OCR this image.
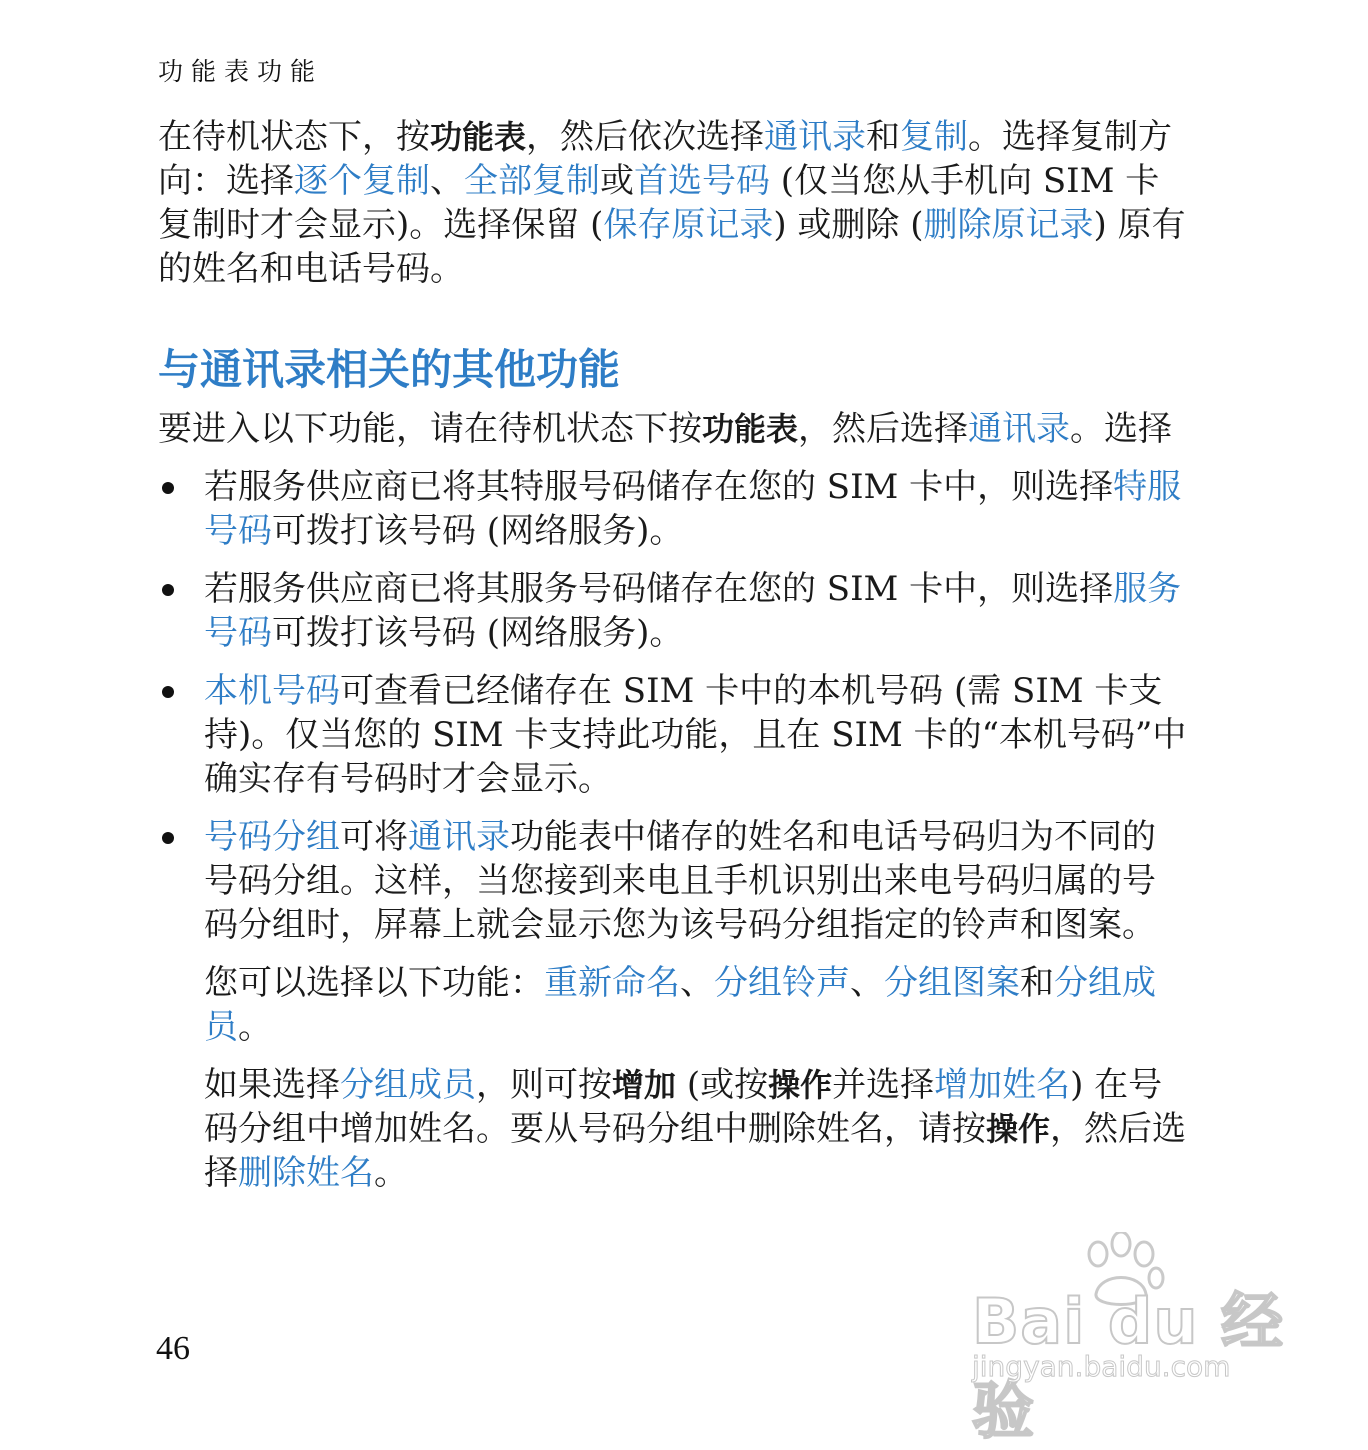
功能表功能

在待机状态下，按功能表，然后依次选择通讯录和复制。选择复制方向：选择逐个复制、全部复制或首选号码 (仅当您从手机向 SIM 卡复制时才会显示)。选择保留 (保存原记录) 或删除 (删除原记录) 原有的姓名和电话号码。

与通讯录相关的其他功能

要进入以下功能，请在待机状态下按功能表，然后选择通讯录。选择

若服务供应商已将其特服号码储存在您的 SIM 卡中，则选择特服号码可拨打该号码 (网络服务)。

若服务供应商已将其服务号码储存在您的 SIM 卡中，则选择服务号码可拨打该号码 (网络服务)。

本机号码可查看已经储存在 SIM 卡中的本机号码 (需 SIM 卡支持)。仅当您的 SIM 卡支持此功能，且在 SIM 卡的“本机号码”中确实存有号码时才会显示。

号码分组可将通讯录功能表中储存的姓名和电话号码归为不同的号码分组。这样，当您接到来电且手机识别出来电号码归属的号码分组时，屏幕上就会显示您为该号码分组指定的铃声和图案。

您可以选择以下功能：重新命名、分组铃声、分组图案和分组成员。

如果选择分组成员，则可按增加 (或按操作并选择增加姓名) 在号码分组中增加姓名。要从号码分组中删除姓名，请按操作，然后选择删除姓名。

46	Bai du 经验
jingyan.baidu.com
